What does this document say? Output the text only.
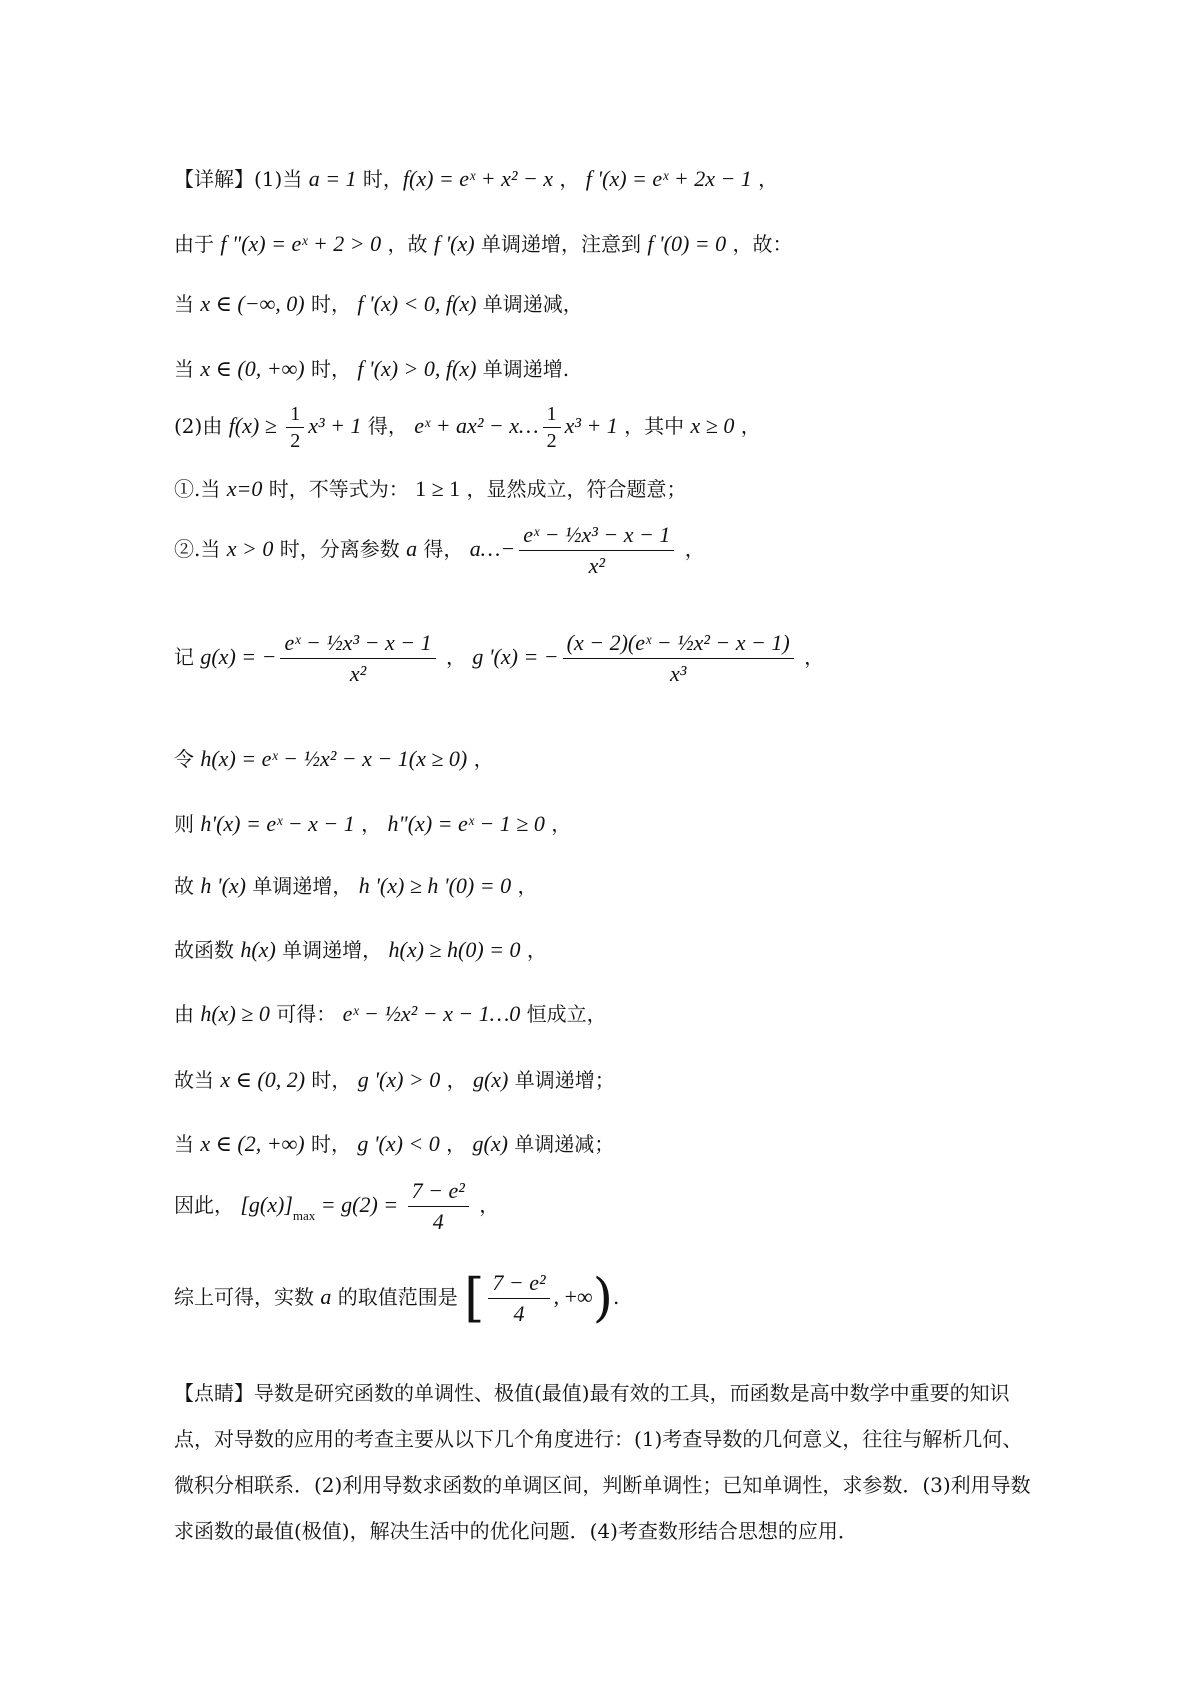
【详解】(1)当 a = 1 时，f(x) = eˣ + x² − x ， f '(x) = eˣ + 2x − 1 ，
由于 f "(x) = eˣ + 2 > 0 ，故 f '(x) 单调递增，注意到 f '(0) = 0 ，故：
当 x ∈ (−∞, 0) 时， f '(x) < 0, f(x) 单调递减，
当 x ∈ (0, +∞) 时， f '(x) > 0, f(x) 单调递增.
(2)由 $f(x) \ge \frac{1}{2} x^3 + 1$ 得， eˣ + ax² − x… $\frac{1}{2} x^3 + 1$ ，其中 x ≥ 0 ，
①.当 x=0 时，不等式为： 1 ≥ 1 ，显然成立，符合题意；
②.当 x > 0 时，分离参数 a 得， a…− $\frac{\text{eˣ − ½x³ − x − 1}}{\text{x²}}$ ，
记 g(x) = − $\frac{\text{eˣ − ½x³ − x − 1}}{\text{x²}}$ ， g '(x) = − $\frac{\text{(x − 2)(eˣ − ½x² − x − 1)}}{\text{x³}}$ ，
令 h(x) = eˣ − ½x² − x − 1(x ≥ 0) ，
则 h'(x) = eˣ − x − 1 ， h"(x) = eˣ − 1 ≥ 0 ，
故 h '(x) 单调递增， h '(x) ≥ h '(0) = 0 ，
故函数 h(x) 单调递增， h(x) ≥ h(0) = 0 ，
由 h(x) ≥ 0 可得： eˣ − ½x² − x − 1…0 恒成立，
故当 x ∈ (0, 2) 时， g '(x) > 0 ， g(x) 单调递增；
当 x ∈ (2, +∞) 时， g '(x) < 0 ， g(x) 单调递减；
因此， $[g(x)]_{max} = g(2) = \frac{\text{7 − e²}}{4}$ ，
综上可得，实数 a 的取值范围是 [ $\frac{\text{7 − e²}}{4}$ , +∞).
【点睛】导数是研究函数的单调性、极值(最值)最有效的工具，而函数是高中数学中重要的知识点，对导数的应用的考查主要从以下几个角度进行：(1)考查导数的几何意义，往往与解析几何、微积分相联系．(2)利用导数求函数的单调区间，判断单调性；已知单调性，求参数．(3)利用导数求函数的最值(极值)，解决生活中的优化问题．(4)考查数形结合思想的应用．
